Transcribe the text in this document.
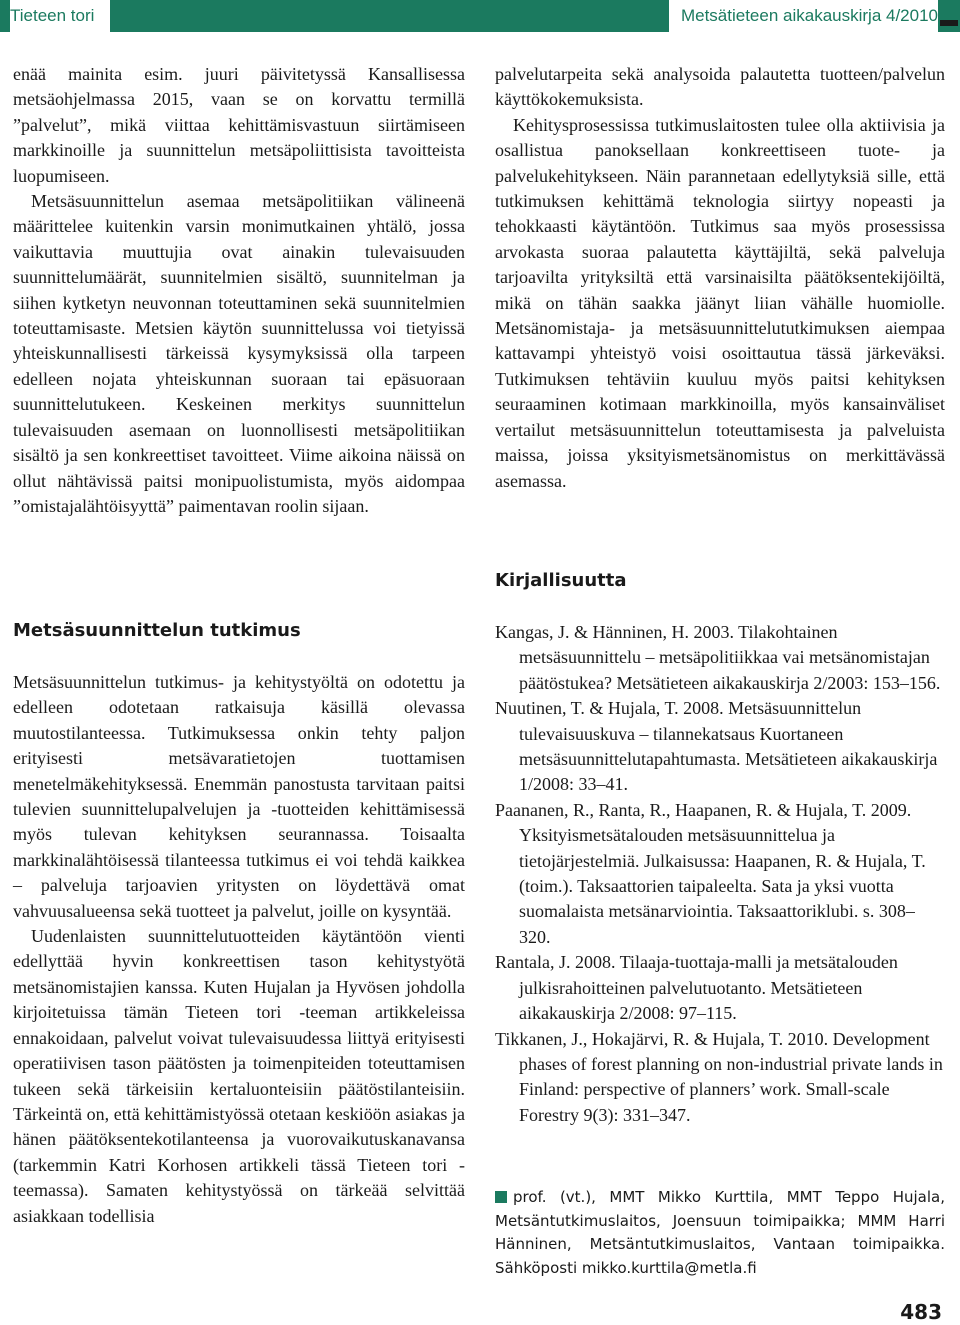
Tieteen tori	Metsätieteen aikakauskirja 4/2010

enää mainita esim. juuri päivitetyssä Kansallisessa metsäohjelmassa 2015, vaan se on korvattu termillä ”palvelut”, mikä viittaa kehittämisvastuun siirtämiseen markkinoille ja suunnittelun metsäpoliittisista tavoitteista luopumiseen.

Metsäsuunnittelun asemaa metsäpolitiikan välineenä määrittelee kuitenkin varsin monimutkainen yhtälö, jossa vaikuttavia muuttujia ovat ainakin tulevaisuuden suunnittelumäärät, suunnitelmien sisältö, suunnitelman ja siihen kytketyn neuvonnan toteuttaminen sekä suunnitelmien toteuttamisaste. Metsien käytön suunnittelussa voi tietyissä yhteiskunnallisesti tärkeissä kysymyksissä olla tarpeen edelleen nojata yhteiskunnan suoraan tai epäsuoraan suunnittelutukeen. Keskeinen merkitys suunnittelun tulevaisuuden asemaan on luonnollisesti metsäpolitiikan sisältö ja sen konkreettiset tavoitteet. Viime aikoina näissä on ollut nähtävissä paitsi monipuolistumista, myös aidompaa ”omistajalähtöisyyttä” paimentavan roolin sijaan.

Metsäsuunnittelun tutkimus

Metsäsuunnittelun tutkimus- ja kehitystyöltä on odotettu ja edelleen odotetaan ratkaisuja käsillä olevassa muutostilanteessa. Tutkimuksessa onkin tehty paljon erityisesti metsävaratietojen tuottamisen menetelmäkehityksessä. Enemmän panostusta tarvitaan paitsi tulevien suunnittelupalvelujen ja -tuotteiden kehittämisessä myös tulevan kehityksen seurannassa. Toisaalta markkinalähtöisessä tilanteessa tutkimus ei voi tehdä kaikkea – palveluja tarjoavien yritysten on löydettävä omat vahvuusalueensa sekä tuotteet ja palvelut, joille on kysyntää.

Uudenlaisten suunnittelutuotteiden käytäntöön vienti edellyttää hyvin konkreettisen tason kehitystyötä metsänomistajien kanssa. Kuten Hujalan ja Hyvösen johdolla kirjoitetuissa tämän Tieteen tori -teeman artikkeleissa ennakoidaan, palvelut voivat tulevaisuudessa liittyä erityisesti operatiivisen tason päätösten ja toimenpiteiden toteuttamisen tukeen sekä tärkeisiin kertaluonteisiin päätöstilanteisiin. Tärkeintä on, että kehittämistyössä otetaan keskiöön asiakas ja hänen päätöksentekotilanteensa ja vuorovaikutuskanavansa (tarkemmin Katri Korhosen artikkeli tässä Tieteen tori -teemassa). Samaten kehitystyössä on tärkeää selvittää asiakkaan todellisia

palvelutarpeita sekä analysoida palautetta tuotteen/palvelun käyttökokemuksista.

Kehitysprosessissa tutkimuslaitosten tulee olla aktiivisia ja osallistua panoksellaan konkreettiseen tuote- ja palvelukehitykseen. Näin parannetaan edellytyksiä sille, että tutkimuksen kehittämä teknologia siirtyy nopeasti ja tehokkaasti käytäntöön. Tutkimus saa myös prosessissa arvokasta suoraa palautetta käyttäjiltä, sekä palveluja tarjoavilta yrityksiltä että varsinaisilta päätöksentekijöiltä, mikä on tähän saakka jäänyt liian vähälle huomiolle. Metsänomistaja- ja metsäsuunnittelututkimuksen aiempaa kattavampi yhteistyö voisi osoittautua tässä järkeväksi. Tutkimuksen tehtäviin kuuluu myös paitsi kehityksen seuraaminen kotimaan markkinoilla, myös kansainväliset vertailut metsäsuunnittelun toteuttamisesta ja palveluista maissa, joissa yksityismetsänomistus on merkittävässä asemassa.

Kirjallisuutta

Kangas, J. & Hänninen, H. 2003. Tilakohtainen metsäsuunnittelu – metsäpolitiikkaa vai metsänomistajan päätöstukea? Metsätieteen aikakauskirja 2/2003: 153–156.

Nuutinen, T. & Hujala, T. 2008. Metsäsuunnittelun tulevaisuuskuva – tilannekatsaus Kuortaneen metsäsuunnittelutapahtumasta. Metsätieteen aikakauskirja 1/2008: 33–41.

Paananen, R., Ranta, R., Haapanen, R. & Hujala, T. 2009. Yksityismetsätalouden metsäsuunnittelua ja tietojärjestelmiä. Julkaisussa: Haapanen, R. & Hujala, T. (toim.). Taksaattorien taipaleelta. Sata ja yksi vuotta suomalaista metsänarviointia. Taksaattoriklubi. s. 308–320.

Rantala, J. 2008. Tilaaja-tuottaja-malli ja metsätalouden julkisrahoitteinen palvelutuotanto. Metsätieteen aikakauskirja 2/2008: 97–115.

Tikkanen, J., Hokajärvi, R. & Hujala, T. 2010. Development phases of forest planning on non-industrial private lands in Finland: perspective of planners’ work. Small-scale Forestry 9(3): 331–347.

prof. (vt.), MMT Mikko Kurttila, MMT Teppo Hujala, Metsäntutkimuslaitos, Joensuun toimipaikka; MMM Harri Hänninen, Metsäntutkimuslaitos, Vantaan toimipaikka. Sähköposti mikko.kurttila@metla.fi
483
